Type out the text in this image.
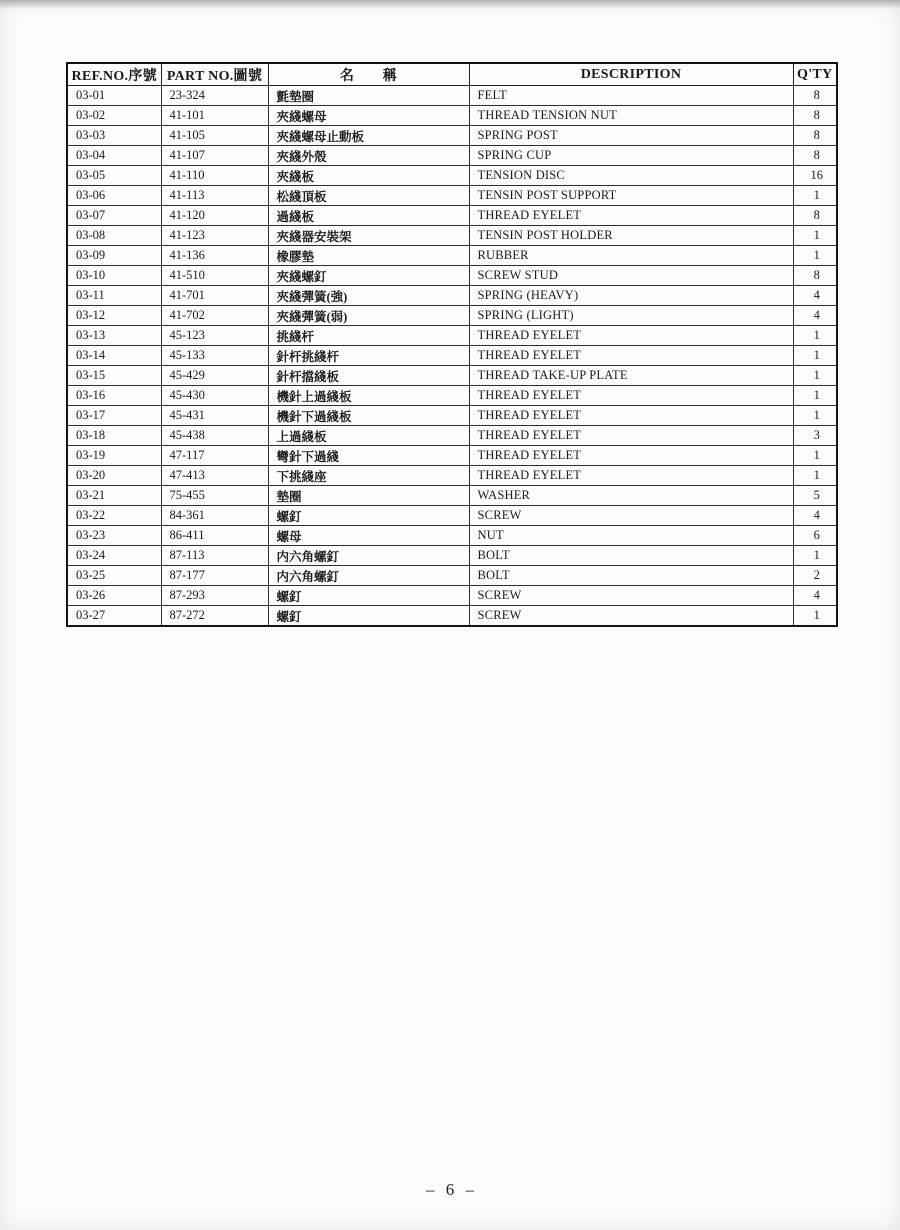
REF.NO.序號	PART NO.圖號	名　　稱	DESCRIPTION	Q'TY
03-01	23-324	氈墊圈	FELT	8
03-02	41-101	夾綫螺母	THREAD TENSION NUT	8
03-03	41-105	夾綫螺母止動板	SPRING POST	8
03-04	41-107	夾綫外殼	SPRING CUP	8
03-05	41-110	夾綫板	TENSION DISC	16
03-06	41-113	松綫頂板	TENSIN POST SUPPORT	1
03-07	41-120	過綫板	THREAD EYELET	8
03-08	41-123	夾綫器安裝架	TENSIN POST HOLDER	1
03-09	41-136	橡膠墊	RUBBER	1
03-10	41-510	夾綫螺釘	SCREW STUD	8
03-11	41-701	夾綫彈簧(強)	SPRING (HEAVY)	4
03-12	41-702	夾綫彈簧(弱)	SPRING (LIGHT)	4
03-13	45-123	挑綫杆	THREAD EYELET	1
03-14	45-133	針杆挑綫杆	THREAD EYELET	1
03-15	45-429	針杆擋綫板	THREAD TAKE-UP PLATE	1
03-16	45-430	機針上過綫板	THREAD EYELET	1
03-17	45-431	機針下過綫板	THREAD EYELET	1
03-18	45-438	上過綫板	THREAD EYELET	3
03-19	47-117	彎針下過綫	THREAD EYELET	1
03-20	47-413	下挑綫座	THREAD EYELET	1
03-21	75-455	墊圈	WASHER	5
03-22	84-361	螺釘	SCREW	4
03-23	86-411	螺母	NUT	6
03-24	87-113	内六角螺釘	BOLT	1
03-25	87-177	内六角螺釘	BOLT	2
03-26	87-293	螺釘	SCREW	4
03-27	87-272	螺釘	SCREW	1
– 6 –
